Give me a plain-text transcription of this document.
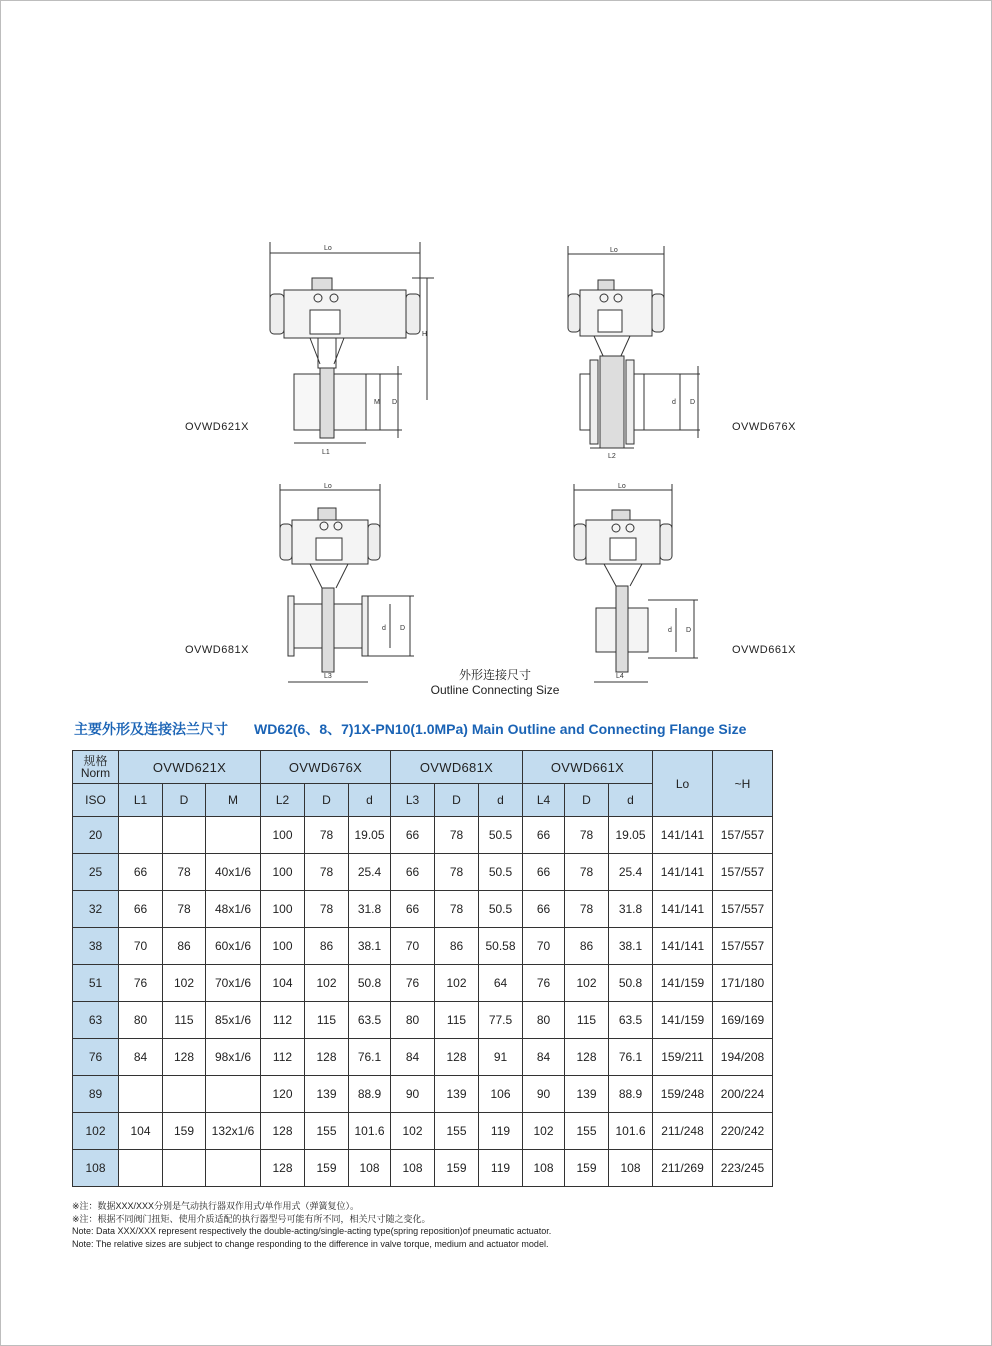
Lo
H
M D
L1
Lo
d D
L2
Lo
d D
L3
Lo
d D
L4
OVWD621X	OVWD676X
OVWD681X	OVWD661X
外形连接尺寸
Outline Connecting Size
主要外形及连接法兰尺寸 WD62(6、8、7)1X-PN10(1.0MPa) Main Outline and Connecting Flange Size
规格
Norm	OVWD621X			OVWD676X			OVWD681X			OVWD661X			Lo	~H
ISO	L1	D	M	L2	D	d	L3	D	d	L4	D	d		
20				100	78	19.05	66	78	50.5	66	78	19.05	141/141	157/557
25	66	78	40x1/6	100	78	25.4	66	78	50.5	66	78	25.4	141/141	157/557
32	66	78	48x1/6	100	78	31.8	66	78	50.5	66	78	31.8	141/141	157/557
38	70	86	60x1/6	100	86	38.1	70	86	50.58	70	86	38.1	141/141	157/557
51	76	102	70x1/6	104	102	50.8	76	102	64	76	102	50.8	141/159	171/180
63	80	115	85x1/6	112	115	63.5	80	115	77.5	80	115	63.5	141/159	169/169
76	84	128	98x1/6	112	128	76.1	84	128	91	84	128	76.1	159/211	194/208
89				120	139	88.9	90	139	106	90	139	88.9	159/248	200/224
102	104	159	132x1/6	128	155	101.6	102	155	119	102	155	101.6	211/248	220/242
108				128	159	108	108	159	119	108	159	108	211/269	223/245
※注：数据XXX/XXX分别是气动执行器双作用式/单作用式（弹簧复位）。
※注：根据不同阀门扭矩、使用介质适配的执行器型号可能有所不同，相关尺寸随之变化。
Note: Data XXX/XXX represent respectively the double-acting/single-acting type(spring reposition)of pneumatic actuator.
Note: The relative sizes are subject to change responding to the difference in valve torque, medium and actuator model.
